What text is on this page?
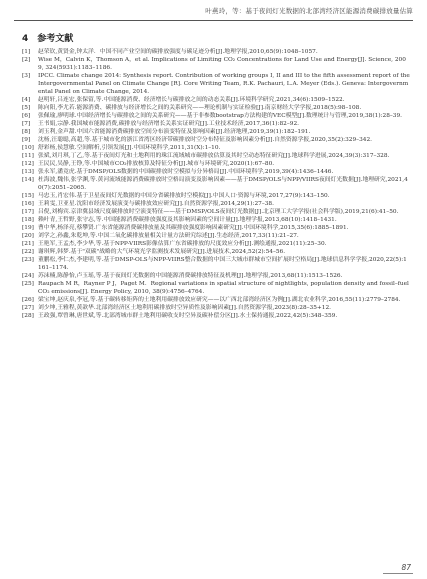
叶燕玲，等：基于夜间灯光数据的北部湾经济区能源消费碳排放量估算
4 参考文献
[1]	赵荣钦,黄贤金,钟太洋．中国不同产业空间的碳排放强度与碳足迹分析[J].地理学报,2010,65(9):1048–1057.
[2]	Wise M，Calvin K，Thomson A，et al. Implications of Limiting CO₂ Concentrations for Land Use and Energy[J]. Science, 2009, 324(5931):1183–1186.
[3]	IPCC. Climate change 2014: Synthesis report. Contribution of working groups I, II and III to the fifth assessment report of the Intergovernmental Panel on Climate Change [R]. Core Writing Team, R.K. Pachauri, L.A. Meyer (Eds.). Geneva: Intergovernmental Panel on Climate Change, 2014.
[4]	赵明轩,吕连宏,张保留,等.中国能源消费、经济增长与碳排放之间的动态关系[J].环境科学研究,2021,34(6):1509–1522.
[5]	陈向阳,李尤若.能源消费、碳排放与经济增长之间的关系研究——理论机制与实证检验[J].南京财经大学学报,2018(5):98–108.
[6]	张佩瑜,廖明球.中国经济增长与碳排放之间的关系研究——基于非参数bootstrap方法构建的VEC模型[J].数理统计与管理,2019,38(1):28–39.
[7]	王书娟,宗静.我国城市能源消费,碳排放与经济增长关系实证研究[J].工业技术经济,2017,36(1):82–92.
[8]	刘玉利,金声甜.中国六省能源消费碳排放空间分布演变特征及影响因素[J].经济地理,2019,39(1):182–191.
[9]	沈杨,汪聪聪,高超,等.基于城市化的浙江省湾区经济带碳排放时空分布特征及影响因素分析[J].自然资源学报,2020,35(2):329–342.
[10] 舒彩杨,侯慧敏.空间解析,引领发展[J].中国环境科学,2011,31(X):1–10.
[11] 张斌,刘月琪,丁乙,等.基于夜间灯光和土地利用的珠江流域城市碳排放估算及其时空动态特征研究[J].地球科学进展,2024,39(3):317–328.
[12] 王民民,吴静,王铮,等.中国城市CO₂排放核算及特征分析[J].城市与环境研究,2020(1):67–80.
[13] 张永军,潘竟虎.基于DMSP/OLS数据的中国碳排放时空模拟与分异格局[J].中国环境科学,2019,39(4):1436–1446.
[14] 杜海波,魏伟,张学渊,等.黄河流域能源消费碳排放时空格局演变及影响因素——基于DMSP/OLS与NPP/VIIRS夜间灯光数据[J].地理研究,2021,40(7):2051–2065.
[15] 马忠玉,肖宏伟.基于卫星夜间灯光数据的中国分省碳排放时空模拟[J].中国人口·资源与环境,2017,27(9):143–150.
[16] 王莉雯,卫亚星.沈阳市经济发展演变与碳排放效应研究[J].自然资源学报,2014,29(1):27–38.
[17] 吕倪,刘梅宾.京津冀县域尺度碳排放时空演变特征——基于DMSP/OLS夜间灯光数据[J].北京理工大学学报(社会科学版),2019,21(6):41–50.
[18] 赖叶青,王哲野,张守志,等.中国能源消费碳排放强度及其影响因素的空间计量[J].地理学报,2013,68(10):1418–1431.
[19] 曹中华,杨泽亮,蔡攀贤.广东省能源消费碳排放量及其碳排放强度影响因素研究[J].中国环境科学,2015,35(6):1885–1891.
[20] 刘学之,孙鑫,朱乾坤,等.中国二氧化碳排放量相关计量方法研究综述[J].生态经济,2017,33(11):21–27.
[21] 王艳军,王孟杰,李少华,等.基于NPP-VIIRS影像估算广东省碳排放的尺度效应分析[J].测绘通报,2021(11):25–30.
[22] 谢琪辉,韩梦.基于"双碳"战略的大气环境光学监测技术发展研究[J].进展技术,2024,52(2):54–56.
[23] 董鹏松,李仁杰,李建明,等.基于DMSP-OLS与NPP-VIIRS整合数据的中国三大城市群城市空间扩展时空格局[J].地球信息科学学报,2020,22(5):1161–1174.
[24] 苏沫楠,陈静怡,卢玉瑶,等.基于夜间灯光数据的中国能源消费碳排放特征及机理[J].地理学报,2013,68(11):1513–1526.
[25] Raupach M R，Rayner P J，Paget M．Regional variations in spatial structure of nightlights, population density and fossil–fuel CO₂ emissions[J]. Energy Policy, 2010, 38(9):4756–4764.
[26] 梁宝坤,赵庆泉,李冠,等.基于碳转移矩阵的土地利用碳排放效应研究——以广西北部湾经济区为例[J].湖北农业科学,2016,55(11):2779–2784.
[27] 刘少坤,王雅程,黄歆华.北部湾经济区土地利用碳排放时空异质性及影响因素[J].自然资源学报,2023(8):28–35+12.
[28] 王政强,覃曾琳,唐世斌,等.北部湾城市群土地利用碳收支时空异及碳补偿分区[J].水土保持通报,2022,42(5):348–359.
87
